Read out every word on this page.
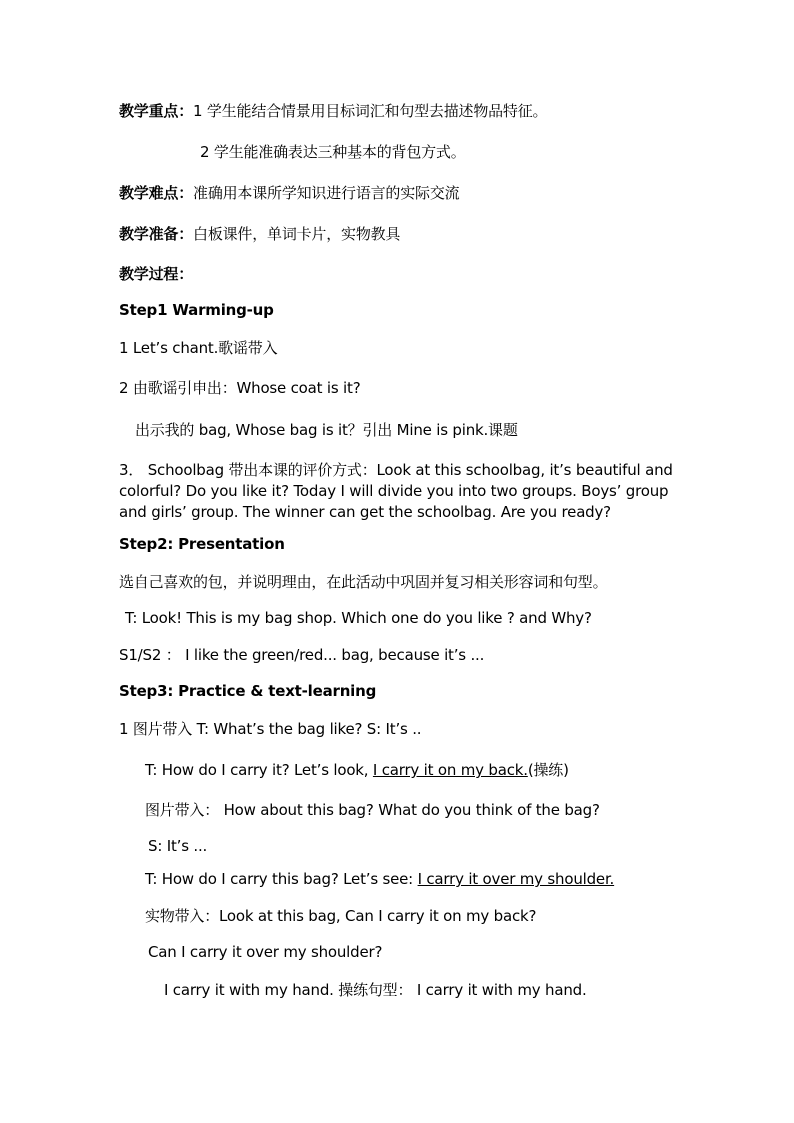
教学重点：1 学生能结合情景用目标词汇和句型去描述物品特征。
2 学生能准确表达三种基本的背包方式。
教学难点：准确用本课所学知识进行语言的实际交流
教学准备：白板课件，单词卡片，实物教具
教学过程：
Step1 Warming-up
1 Let’s chant.歌谣带入
2 由歌谣引申出：Whose coat is it?
出示我的 bag, Whose bag is it？引出 Mine is pink.课题
3． Schoolbag 带出本课的评价方式：Look at this schoolbag, it’s beautiful and colorful? Do you like it? Today I will divide you into two groups. Boys’ group and girls’ group. The winner can get the schoolbag. Are you ready?
Step2: Presentation
选自己喜欢的包，并说明理由，在此活动中巩固并复习相关形容词和句型。
T: Look! This is my bag shop. Which one do you like ? and Why?
S1/S2 ： I like the green/red... bag, because it’s ...
Step3: Practice & text-learning
1 图片带入 T: What’s the bag like? S: It’s ..
T: How do I carry it? Let’s look, I carry it on my back.(操练)
图片带入： How about this bag? What do you think of the bag?
S: It’s ...
T: How do I carry this bag? Let’s see: I carry it over my shoulder.
实物带入：Look at this bag, Can I carry it on my back?
Can I carry it over my shoulder?
I carry it with my hand. 操练句型： I carry it with my hand.
